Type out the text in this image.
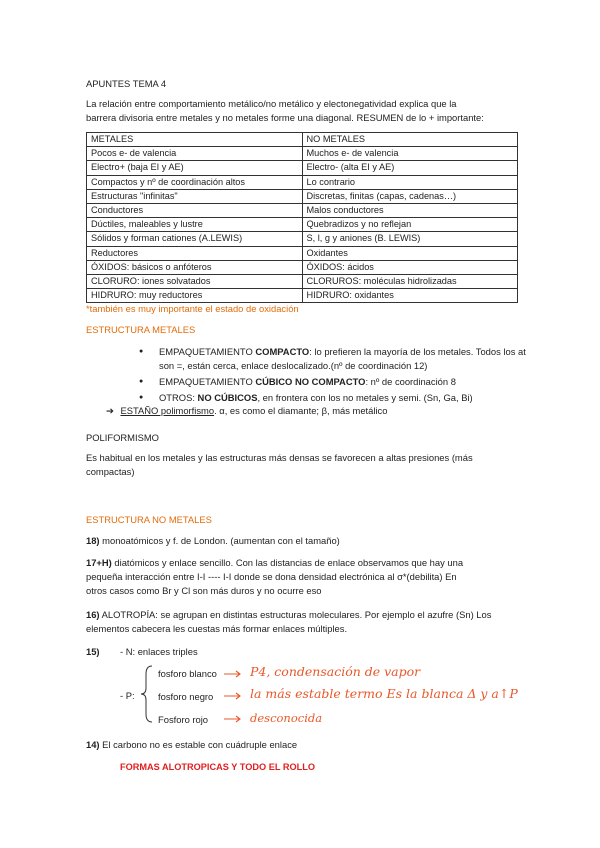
APUNTES TEMA 4
La relación entre comportamiento metálico/no metálico y electonegatividad explica que la
barrera divisoria entre metales y no metales forme una diagonal. RESUMEN de lo + importante:
METALES	NO METALES
Pocos e- de valencia	Muchos e- de valencia
Electro+ (baja EI y AE)	Electro- (alta EI y AE)
Compactos y nº de coordinación altos	Lo contrario
Estructuras "infinitas"	Discretas, finitas (capas, cadenas…)
Conductores	Malos conductores
Dúctiles, maleables y lustre	Quebradizos y no reflejan
Sólidos y forman cationes (A.LEWIS)	S, l, g y aniones (B. LEWIS)
Reductores	Oxidantes
ÓXIDOS: básicos o anfóteros	ÓXIDOS: ácidos
CLORURO: iones solvatados	CLORUROS: moléculas hidrolizadas
HIDRURO: muy reductores	HIDRURO: oxidantes
*también es muy importante el estado de oxidación
ESTRUCTURA METALES
● EMPAQUETAMIENTO COMPACTO: lo prefieren la mayoría de los metales. Todos los at son =, están cerca, enlace deslocalizado.(nº de coordinación 12)
● EMPAQUETAMIENTO CÚBICO NO COMPACTO: nº de coordinación 8
● OTROS: NO CÚBICOS, en frontera con los no metales y semi. (Sn, Ga, Bi)
➔ ESTAÑO polimorfismo. α, es como el diamante; β, más metálico
POLIFORMISMO
Es habitual en los metales y las estructuras más densas se favorecen a altas presiones (más
compactas)
ESTRUCTURA NO METALES
18) monoatómicos y f. de London. (aumentan con el tamaño)
17+H) diatómicos y enlace sencillo. Con las distancias de enlace observamos que hay una
pequeña interacción entre I-I ---- I-I donde se dona densidad electrónica al σ*(debilita) En
otros casos como Br y Cl son más duros y no ocurre eso
16) ALOTROPÍA: se agrupan en distintas estructuras moleculares. Por ejemplo el azufre (Sn) Los
elementos cabecera les cuestas más formar enlaces múltiples.
15) - N: enlaces triples
- P:
fosforo blanco
fosforo negro
Fosforo rojo
P4, condensación de vapor
la más estable termo Es la blanca Δ y a↑P
desconocida
14) El carbono no es estable con cuádruple enlace
FORMAS ALOTROPICAS Y TODO EL ROLLO
